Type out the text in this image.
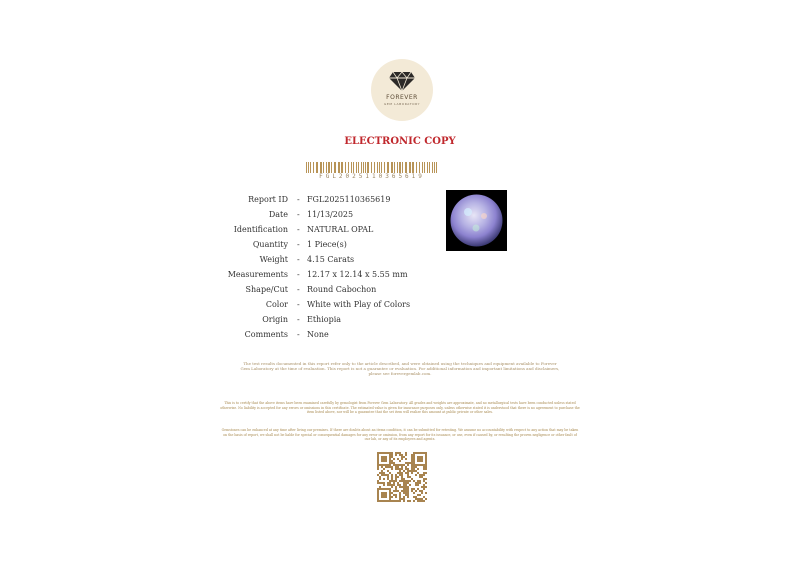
FOREVER
GEM LABORATORY
ELECTRONIC COPY
FGL2025110365619
Report ID - FGL2025110365619
Date - 11/13/2025
Identification - NATURAL OPAL
Quantity - 1 Piece(s)
Weight - 4.15 Carats
Measurements - 12.17 x 12.14 x 5.55 mm
Shape/Cut - Round Cabochon
Color - White with Play of Colors
Origin - Ethiopia
Comments - None
The test results documented in this report refer only to the article described, and were obtained using the techniques and equipment available to Forever Gem Laboratory at the time of evaluation. This report is not a guarantee or evaluation. For additional information and important limitations and disclaimers, please see forevergemlab.com.
This is to certify that the above items have been examined carefully by gemologist from Forever Gem Laboratory. All grades and weights are approximate, and no metallurgical tests have been conducted unless stated otherwise. No liability is accepted for any errors or omissions in this certificate. The estimated value is given for insurance purposes only, unless otherwise stated it is understood that there is no agreement to purchase the item listed above, nor will be a guarantee that the set item will realize this amount at public private or other sales.
Gemstones can be enhanced at any time after living our premises. If there are doubts about an items condition, it can be submitted for retesting. We assume no accountability with respect to any action that may be taken on the basis of report, we shall not be liable for special or consequential damages for any error or omission, from any report for its issuance, or use, even if caused by, or resulting the proven negligence or other fault of our lab, or any of its employees and agents.
